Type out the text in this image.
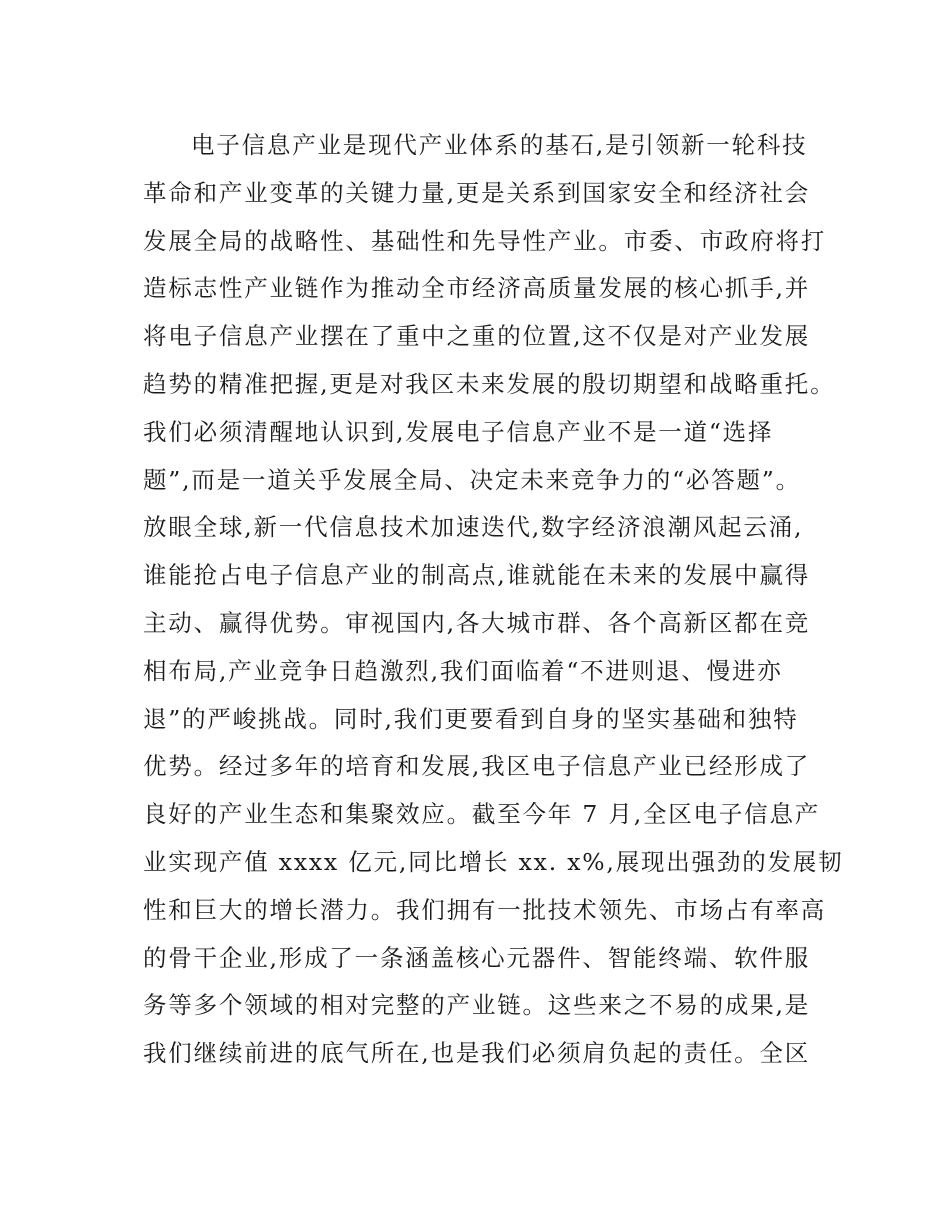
电子信息产业是现代产业体系的基石,是引领新一轮科技
革命和产业变革的关键力量,更是关系到国家安全和经济社会
发展全局的战略性、基础性和先导性产业。市委、市政府将打
造标志性产业链作为推动全市经济高质量发展的核心抓手,并
将电子信息产业摆在了重中之重的位置,这不仅是对产业发展
趋势的精准把握,更是对我区未来发展的殷切期望和战略重托。
我们必须清醒地认识到,发展电子信息产业不是一道“选择
题”,而是一道关乎发展全局、决定未来竞争力的“必答题”。
放眼全球,新一代信息技术加速迭代,数字经济浪潮风起云涌,
谁能抢占电子信息产业的制高点,谁就能在未来的发展中赢得
主动、赢得优势。审视国内,各大城市群、各个高新区都在竞
相布局,产业竞争日趋激烈,我们面临着“不进则退、慢进亦
退”的严峻挑战。同时,我们更要看到自身的坚实基础和独特
优势。经过多年的培育和发展,我区电子信息产业已经形成了
良好的产业生态和集聚效应。截至今年 7 月,全区电子信息产
业实现产值 xxxx 亿元,同比增长 xx. x%,展现出强劲的发展韧
性和巨大的增长潜力。我们拥有一批技术领先、市场占有率高
的骨干企业,形成了一条涵盖核心元器件、智能终端、软件服
务等多个领域的相对完整的产业链。这些来之不易的成果,是
我们继续前进的底气所在,也是我们必须肩负起的责任。全区
